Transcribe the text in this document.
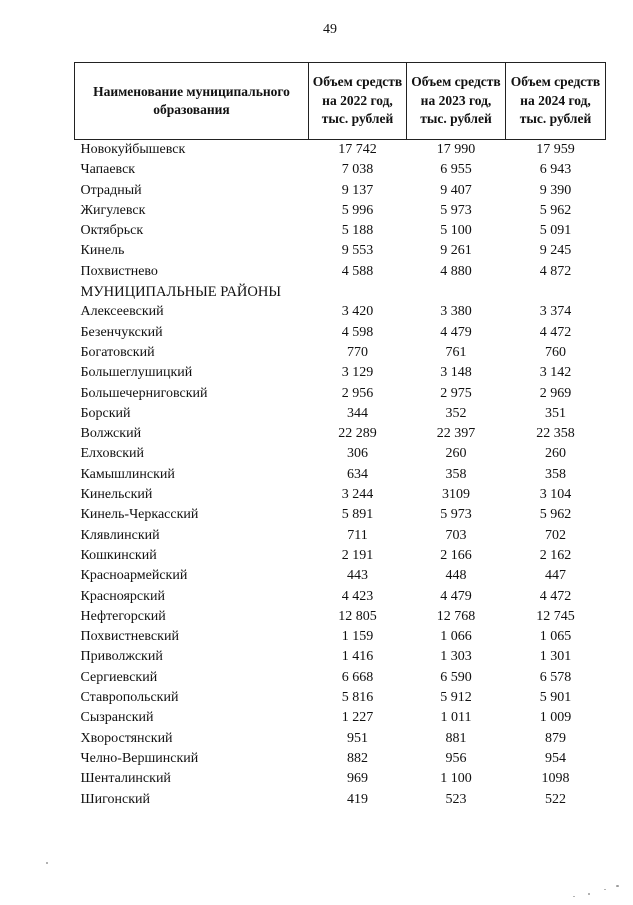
49
Наименование муниципального образования	Объем средств на 2022 год, тыс. рублей	Объем средств на 2023 год, тыс. рублей	Объем средств на 2024 год, тыс. рублей
Новокуйбышевск	17 742	17 990	17 959
Чапаевск	7 038	6 955	6 943
Отрадный	9 137	9 407	9 390
Жигулевск	5 996	5 973	5 962
Октябрьск	5 188	5 100	5 091
Кинель	9 553	9 261	9 245
Похвистнево	4 588	4 880	4 872
МУНИЦИПАЛЬНЫЕ РАЙОНЫ			
Алексеевский	3 420	3 380	3 374
Безенчукский	4 598	4 479	4 472
Богатовский	770	761	760
Большеглушицкий	3 129	3 148	3 142
Большечерниговский	2 956	2 975	2 969
Борский	344	352	351
Волжский	22 289	22 397	22 358
Елховский	306	260	260
Камышлинский	634	358	358
Кинельский	3 244	3109	3 104
Кинель-Черкасский	5 891	5 973	5 962
Клявлинский	711	703	702
Кошкинский	2 191	2 166	2 162
Красноармейский	443	448	447
Красноярский	4 423	4 479	4 472
Нефтегорский	12 805	12 768	12 745
Похвистневский	1 159	1 066	1 065
Приволжский	1 416	1 303	1 301
Сергиевский	6 668	6 590	6 578
Ставропольский	5 816	5 912	5 901
Сызранский	1 227	1 011	1 009
Хворостянский	951	881	879
Челно-Вершинский	882	956	954
Шенталинский	969	1 100	1098
Шигонский	419	523	522
